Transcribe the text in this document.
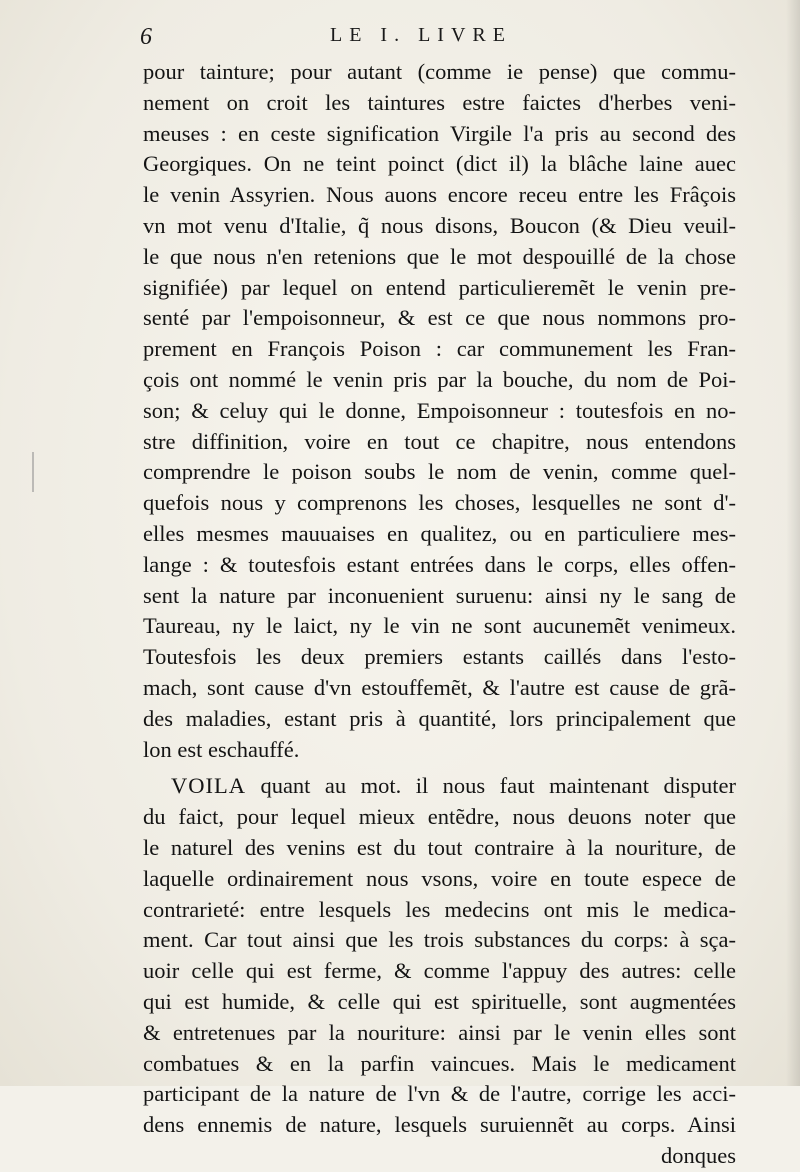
6	LE I. LIVRE
pour tainture; pour autant (comme ie pense) que commu-
nement on croit les taintures estre faictes d'herbes veni-
meuses : en ceste signification Virgile l'a pris au second des
Georgiques. On ne teint poinct (dict il) la blâche laine auec
le venin Assyrien. Nous auons encore receu entre les Frâçois
vn mot venu d'Italie, q̃ nous disons, Boucon (& Dieu veuil-
le que nous n'en retenions que le mot despouillé de la chose
signifiée) par lequel on entend particulieremẽt le venin pre-
senté par l'empoisonneur, & est ce que nous nommons pro-
prement en François Poison : car communement les Fran-
çois ont nommé le venin pris par la bouche, du nom de Poi-
son; & celuy qui le donne, Empoisonneur : toutesfois en no-
stre diffinition, voire en tout ce chapitre, nous entendons
comprendre le poison soubs le nom de venin, comme quel-
quefois nous y comprenons les choses, lesquelles ne sont d'-
elles mesmes mauuaises en qualitez, ou en particuliere mes-
lange : & toutesfois estant entrées dans le corps, elles offen-
sent la nature par inconuenient suruenu: ainsi ny le sang de
Taureau, ny le laict, ny le vin ne sont aucunemẽt venimeux.
Toutesfois les deux premiers estants caillés dans l'esto-
mach, sont cause d'vn estouffemẽt, & l'autre est cause de grã-
des maladies, estant pris à quantité, lors principalement que
lon est eschauffé.
VOILA quant au mot. il nous faut maintenant disputer
du faict, pour lequel mieux entẽdre, nous deuons noter que
le naturel des venins est du tout contraire à la nouriture, de
laquelle ordinairement nous vsons, voire en toute espece de
contrarieté: entre lesquels les medecins ont mis le medica-
ment. Car tout ainsi que les trois substances du corps: à sça-
uoir celle qui est ferme, & comme l'appuy des autres: celle
qui est humide, & celle qui est spirituelle, sont augmentées
& entretenues par la nouriture: ainsi par le venin elles sont
combatues & en la parfin vaincues. Mais le medicament
participant de la nature de l'vn & de l'autre, corrige les acci-
dens ennemis de nature, lesquels suruiennẽt au corps. Ainsi
donques
